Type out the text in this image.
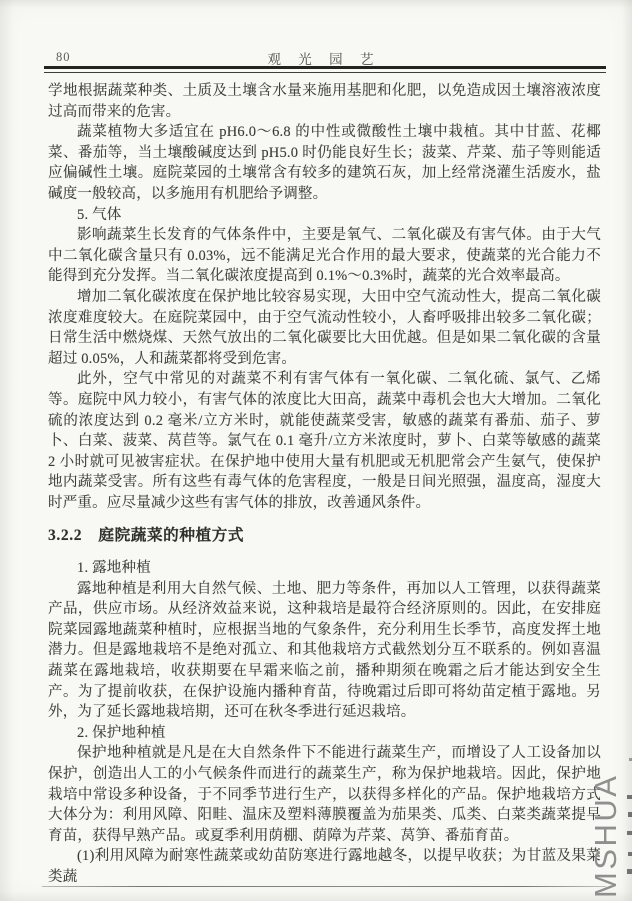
80	观 光 园 艺

学地根据蔬菜种类、土质及土壤含水量来施用基肥和化肥，以免造成因土壤溶液浓度过高而带来的危害。

蔬菜植物大多适宜在 pH6.0～6.8 的中性或微酸性土壤中栽植。其中甘蓝、花椰菜、番茄等，当土壤酸碱度达到 pH5.0 时仍能良好生长；菠菜、芹菜、茄子等则能适应偏碱性土壤。庭院菜园的土壤常含有较多的建筑石灰，加上经常浇灌生活废水，盐碱度一般较高，以多施用有机肥给予调整。

5. 气体

影响蔬菜生长发育的气体条件中，主要是氧气、二氧化碳及有害气体。由于大气中二氧化碳含量只有 0.03%，远不能满足光合作用的最大要求，使蔬菜的光合能力不能得到充分发挥。当二氧化碳浓度提高到 0.1%～0.3%时，蔬菜的光合效率最高。

增加二氧化碳浓度在保护地比较容易实现，大田中空气流动性大，提高二氧化碳浓度难度较大。在庭院菜园中，由于空气流动性较小，人畜呼吸排出较多二氧化碳；日常生活中燃烧煤、天然气放出的二氧化碳要比大田优越。但是如果二氧化碳的含量超过 0.05%，人和蔬菜都将受到危害。

此外，空气中常见的对蔬菜不利有害气体有一氧化碳、二氧化硫、氯气、乙烯等。庭院中风力较小，有害气体的浓度比大田高，蔬菜中毒机会也大大增加。二氧化硫的浓度达到 0.2 毫米/立方米时，就能使蔬菜受害，敏感的蔬菜有番茄、茄子、萝卜、白菜、菠菜、莴苣等。氯气在 0.1 毫升/立方米浓度时，萝卜、白菜等敏感的蔬菜 2 小时就可见被害症状。在保护地中使用大量有机肥或无机肥常会产生氨气，使保护地内蔬菜受害。所有这些有毒气体的危害程度，一般是日间光照强，温度高，湿度大时严重。应尽量减少这些有害气体的排放，改善通风条件。

3.2.2　庭院蔬菜的种植方式

1. 露地种植

露地种植是利用大自然气候、土地、肥力等条件，再加以人工管理，以获得蔬菜产品，供应市场。从经济效益来说，这种栽培是最符合经济原则的。因此，在安排庭院菜园露地蔬菜种植时，应根据当地的气象条件，充分利用生长季节，高度发挥土地潜力。但是露地栽培不是绝对孤立、和其他栽培方式截然划分互不联系的。例如喜温蔬菜在露地栽培，收获期要在早霜来临之前，播种期须在晚霜之后才能达到安全生产。为了提前收获，在保护设施内播种育苗，待晚霜过后即可将幼苗定植于露地。另外，为了延长露地栽培期，还可在秋冬季进行延迟栽培。

2. 保护地种植

保护地种植就是凡是在大自然条件下不能进行蔬菜生产，而增设了人工设备加以保护，创造出人工的小气候条件而进行的蔬菜生产，称为保护地栽培。因此，保护地栽培中常设多种设备，于不同季节进行生产，以获得多样化的产品。保护地栽培方式大体分为：利用风障、阳畦、温床及塑料薄膜覆盖为茄果类、瓜类、白菜类蔬菜提早育苗，获得早熟产品。或夏季利用荫棚、荫障为芹菜、莴笋、番茄育苗。

(1)利用风障为耐寒性蔬菜或幼苗防寒进行露地越冬，以提早收获；为甘蓝及果菜类蔬	MSHUA
